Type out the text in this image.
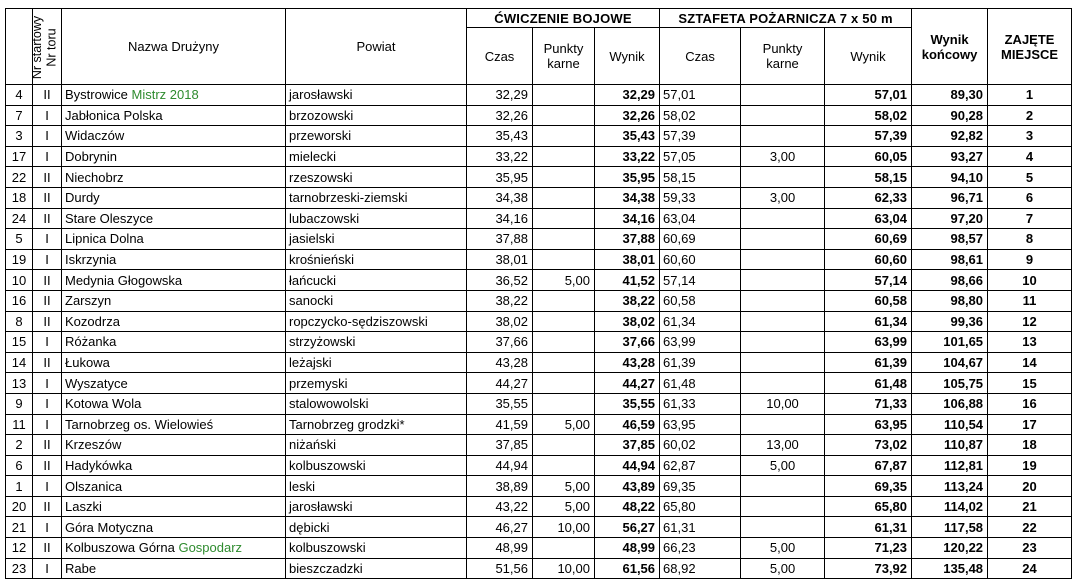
Nr startowy	Nr toru	Nazwa Drużyny	Powiat	ĆWICZENIE BOJOWE			SZTAFETA POŻARNICZA 7 x 50 m			Wynik końcowy	ZAJĘTE MIEJSCE
				Czas	Punkty karne	Wynik	Czas	Punkty karne	Wynik		
4	II	Bystrowice Mistrz 2018	jarosławski	32,29		32,29	57,01		57,01	89,30	1
7	I	Jabłonica Polska	brzozowski	32,26		32,26	58,02		58,02	90,28	2
3	I	Widaczów	przeworski	35,43		35,43	57,39		57,39	92,82	3
17	I	Dobrynin	mielecki	33,22		33,22	57,05	3,00	60,05	93,27	4
22	II	Niechobrz	rzeszowski	35,95		35,95	58,15		58,15	94,10	5
18	II	Durdy	tarnobrzeski-ziemski	34,38		34,38	59,33	3,00	62,33	96,71	6
24	II	Stare Oleszyce	lubaczowski	34,16		34,16	63,04		63,04	97,20	7
5	I	Lipnica Dolna	jasielski	37,88		37,88	60,69		60,69	98,57	8
19	I	Iskrzynia	krośnieński	38,01		38,01	60,60		60,60	98,61	9
10	II	Medynia Głogowska	łańcucki	36,52	5,00	41,52	57,14		57,14	98,66	10
16	II	Zarszyn	sanocki	38,22		38,22	60,58		60,58	98,80	11
8	II	Kozodrza	ropczycko-sędziszowski	38,02		38,02	61,34		61,34	99,36	12
15	I	Różanka	strzyżowski	37,66		37,66	63,99		63,99	101,65	13
14	II	Łukowa	leżajski	43,28		43,28	61,39		61,39	104,67	14
13	I	Wyszatyce	przemyski	44,27		44,27	61,48		61,48	105,75	15
9	I	Kotowa Wola	stalowowolski	35,55		35,55	61,33	10,00	71,33	106,88	16
11	I	Tarnobrzeg os. Wielowieś	Tarnobrzeg grodzki*	41,59	5,00	46,59	63,95		63,95	110,54	17
2	II	Krzeszów	niżański	37,85		37,85	60,02	13,00	73,02	110,87	18
6	II	Hadykówka	kolbuszowski	44,94		44,94	62,87	5,00	67,87	112,81	19
1	I	Olszanica	leski	38,89	5,00	43,89	69,35		69,35	113,24	20
20	II	Laszki	jarosławski	43,22	5,00	48,22	65,80		65,80	114,02	21
21	I	Góra Motyczna	dębicki	46,27	10,00	56,27	61,31		61,31	117,58	22
12	II	Kolbuszowa Górna Gospodarz	kolbuszowski	48,99		48,99	66,23	5,00	71,23	120,22	23
23	I	Rabe	bieszczadzki	51,56	10,00	61,56	68,92	5,00	73,92	135,48	24
